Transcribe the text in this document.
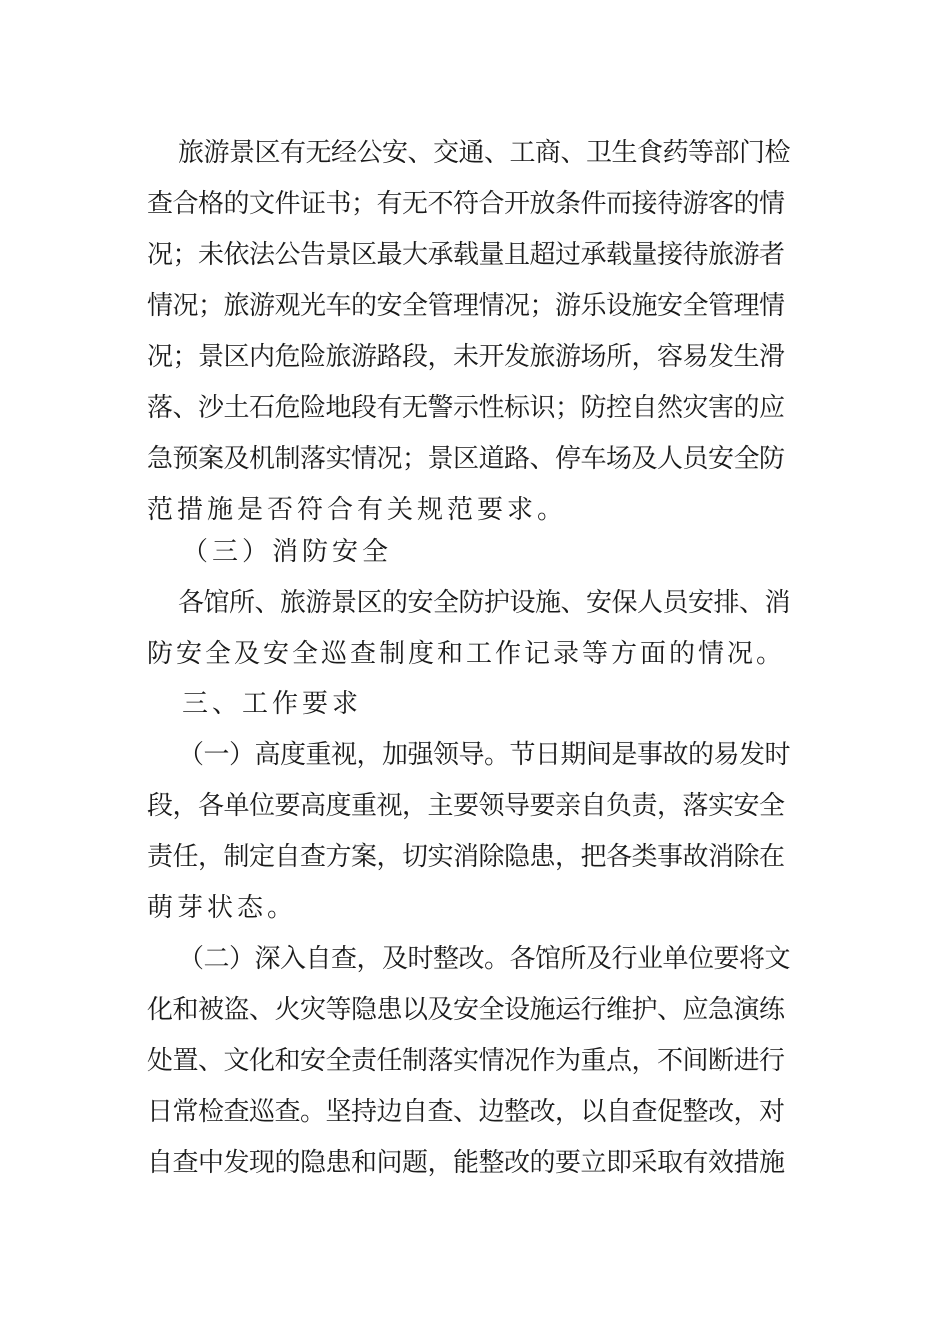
旅游景区有无经公安、交通、工商、卫生食药等部门检
查合格的文件证书；有无不符合开放条件而接待游客的情
况；未依法公告景区最大承载量且超过承载量接待旅游者
情况；旅游观光车的安全管理情况；游乐设施安全管理情
况；景区内危险旅游路段，未开发旅游场所，容易发生滑
落、沙土石危险地段有无警示性标识；防控自然灾害的应
急预案及机制落实情况；景区道路、停车场及人员安全防
范措施是否符合有关规范要求。
（三）消防安全
各馆所、旅游景区的安全防护设施、安保人员安排、消
防安全及安全巡查制度和工作记录等方面的情况。
三、工作要求
（一）高度重视，加强领导。节日期间是事故的易发时
段，各单位要高度重视，主要领导要亲自负责，落实安全
责任，制定自查方案，切实消除隐患，把各类事故消除在
萌芽状态。
（二）深入自查，及时整改。各馆所及行业单位要将文
化和被盗、火灾等隐患以及安全设施运行维护、应急演练
处置、文化和安全责任制落实情况作为重点，不间断进行
日常检查巡查。坚持边自查、边整改，以自查促整改，对
自查中发现的隐患和问题，能整改的要立即采取有效措施
